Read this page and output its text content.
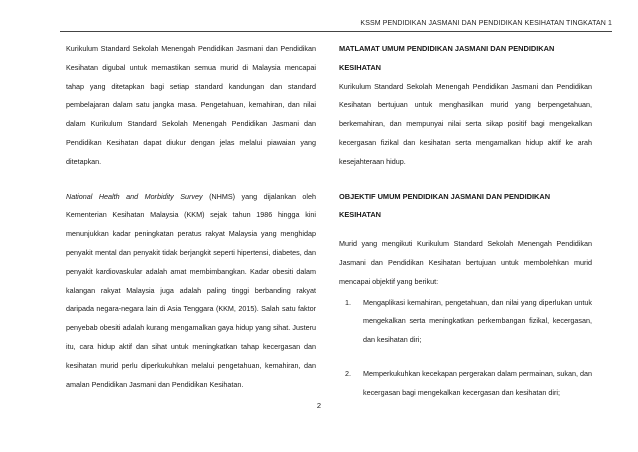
KSSM PENDIDIKAN JASMANI DAN PENDIDIKAN KESIHATAN TINGKATAN 1

Kurikulum Standard Sekolah Menengah Pendidikan Jasmani dan Pendidikan Kesihatan digubal untuk memastikan semua murid di Malaysia mencapai tahap yang ditetapkan bagi setiap standard kandungan dan standard pembelajaran dalam satu jangka masa. Pengetahuan, kemahiran, dan nilai dalam Kurikulum Standard Sekolah Menengah Pendidikan Jasmani dan Pendidikan Kesihatan dapat diukur dengan jelas melalui piawaian yang ditetapkan.

National Health and Morbidity Survey (NHMS) yang dijalankan oleh Kementerian Kesihatan Malaysia (KKM) sejak tahun 1986 hingga kini menunjukkan kadar peningkatan peratus rakyat Malaysia yang menghidap penyakit mental dan penyakit tidak berjangkit seperti hipertensi, diabetes, dan penyakit kardiovaskular adalah amat membimbangkan. Kadar obesiti dalam kalangan rakyat Malaysia juga adalah paling tinggi berbanding rakyat daripada negara-negara lain di Asia Tenggara (KKM, 2015). Salah satu faktor penyebab obesiti adalah kurang mengamalkan gaya hidup yang sihat. Justeru itu, cara hidup aktif dan sihat untuk meningkatkan tahap kecergasan dan kesihatan murid perlu diperkukuhkan melalui pengetahuan, kemahiran, dan amalan Pendidikan Jasmani dan Pendidikan Kesihatan.

MATLAMAT UMUM PENDIDIKAN JASMANI DAN PENDIDIKAN KESIHATAN

Kurikulum Standard Sekolah Menengah Pendidikan Jasmani dan Pendidikan Kesihatan bertujuan untuk menghasilkan murid yang berpengetahuan, berkemahiran, dan mempunyai nilai serta sikap positif bagi mengekalkan kecergasan fizikal dan kesihatan serta mengamalkan hidup aktif ke arah kesejahteraan hidup.

OBJEKTIF UMUM PENDIDIKAN JASMANI DAN PENDIDIKAN KESIHATAN

Murid yang mengikuti Kurikulum Standard Sekolah Menengah Pendidikan Jasmani dan Pendidikan Kesihatan bertujuan untuk membolehkan murid mencapai objektif yang berikut:

1. Mengaplikasi kemahiran, pengetahuan, dan nilai yang diperlukan untuk mengekalkan serta meningkatkan perkembangan fizikal, kecergasan, dan kesihatan diri;
2. Memperkukuhkan kecekapan pergerakan dalam permainan, sukan, dan kecergasan bagi mengekalkan kecergasan dan kesihatan diri;
2
